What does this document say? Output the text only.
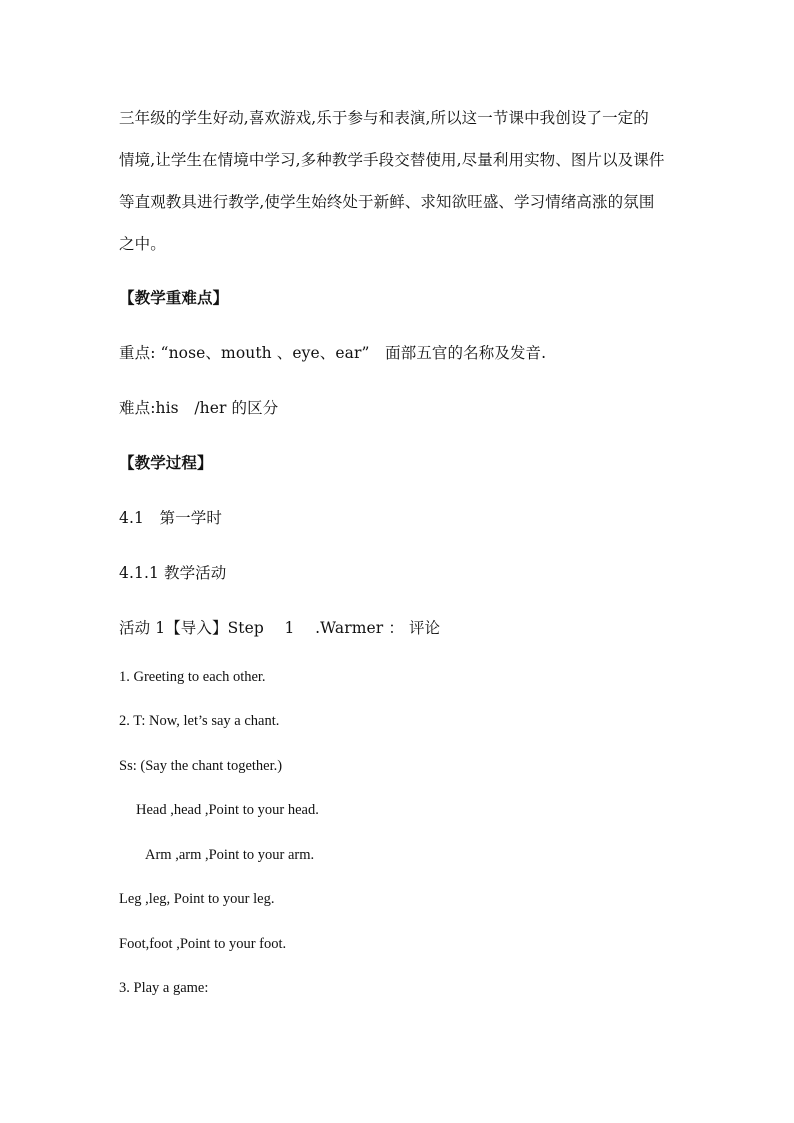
三年级的学生好动,喜欢游戏,乐于参与和表演,所以这一节课中我创设了一定的
情境,让学生在情境中学习,多种教学手段交替使用,尽量利用实物、图片以及课件
等直观教具进行教学,使学生始终处于新鲜、求知欲旺盛、学习情绪高涨的氛围
之中。
【教学重难点】
重点: “nose、mouth 、eye、ear”　面部五官的名称及发音.
难点:his　/her 的区分
【教学过程】
4.1　第一学时
4.1.1 教学活动
活动 1【导入】Step　 1　 .Warmer ： 评论
1. Greeting to each other.
2. T: Now, let’s say a chant.
Ss: (Say the chant together.)
Head ,head ,Point to your head.
Arm ,arm ,Point to your arm.
Leg ,leg, Point to your leg.
Foot,foot ,Point to your foot.
3. Play a game:
